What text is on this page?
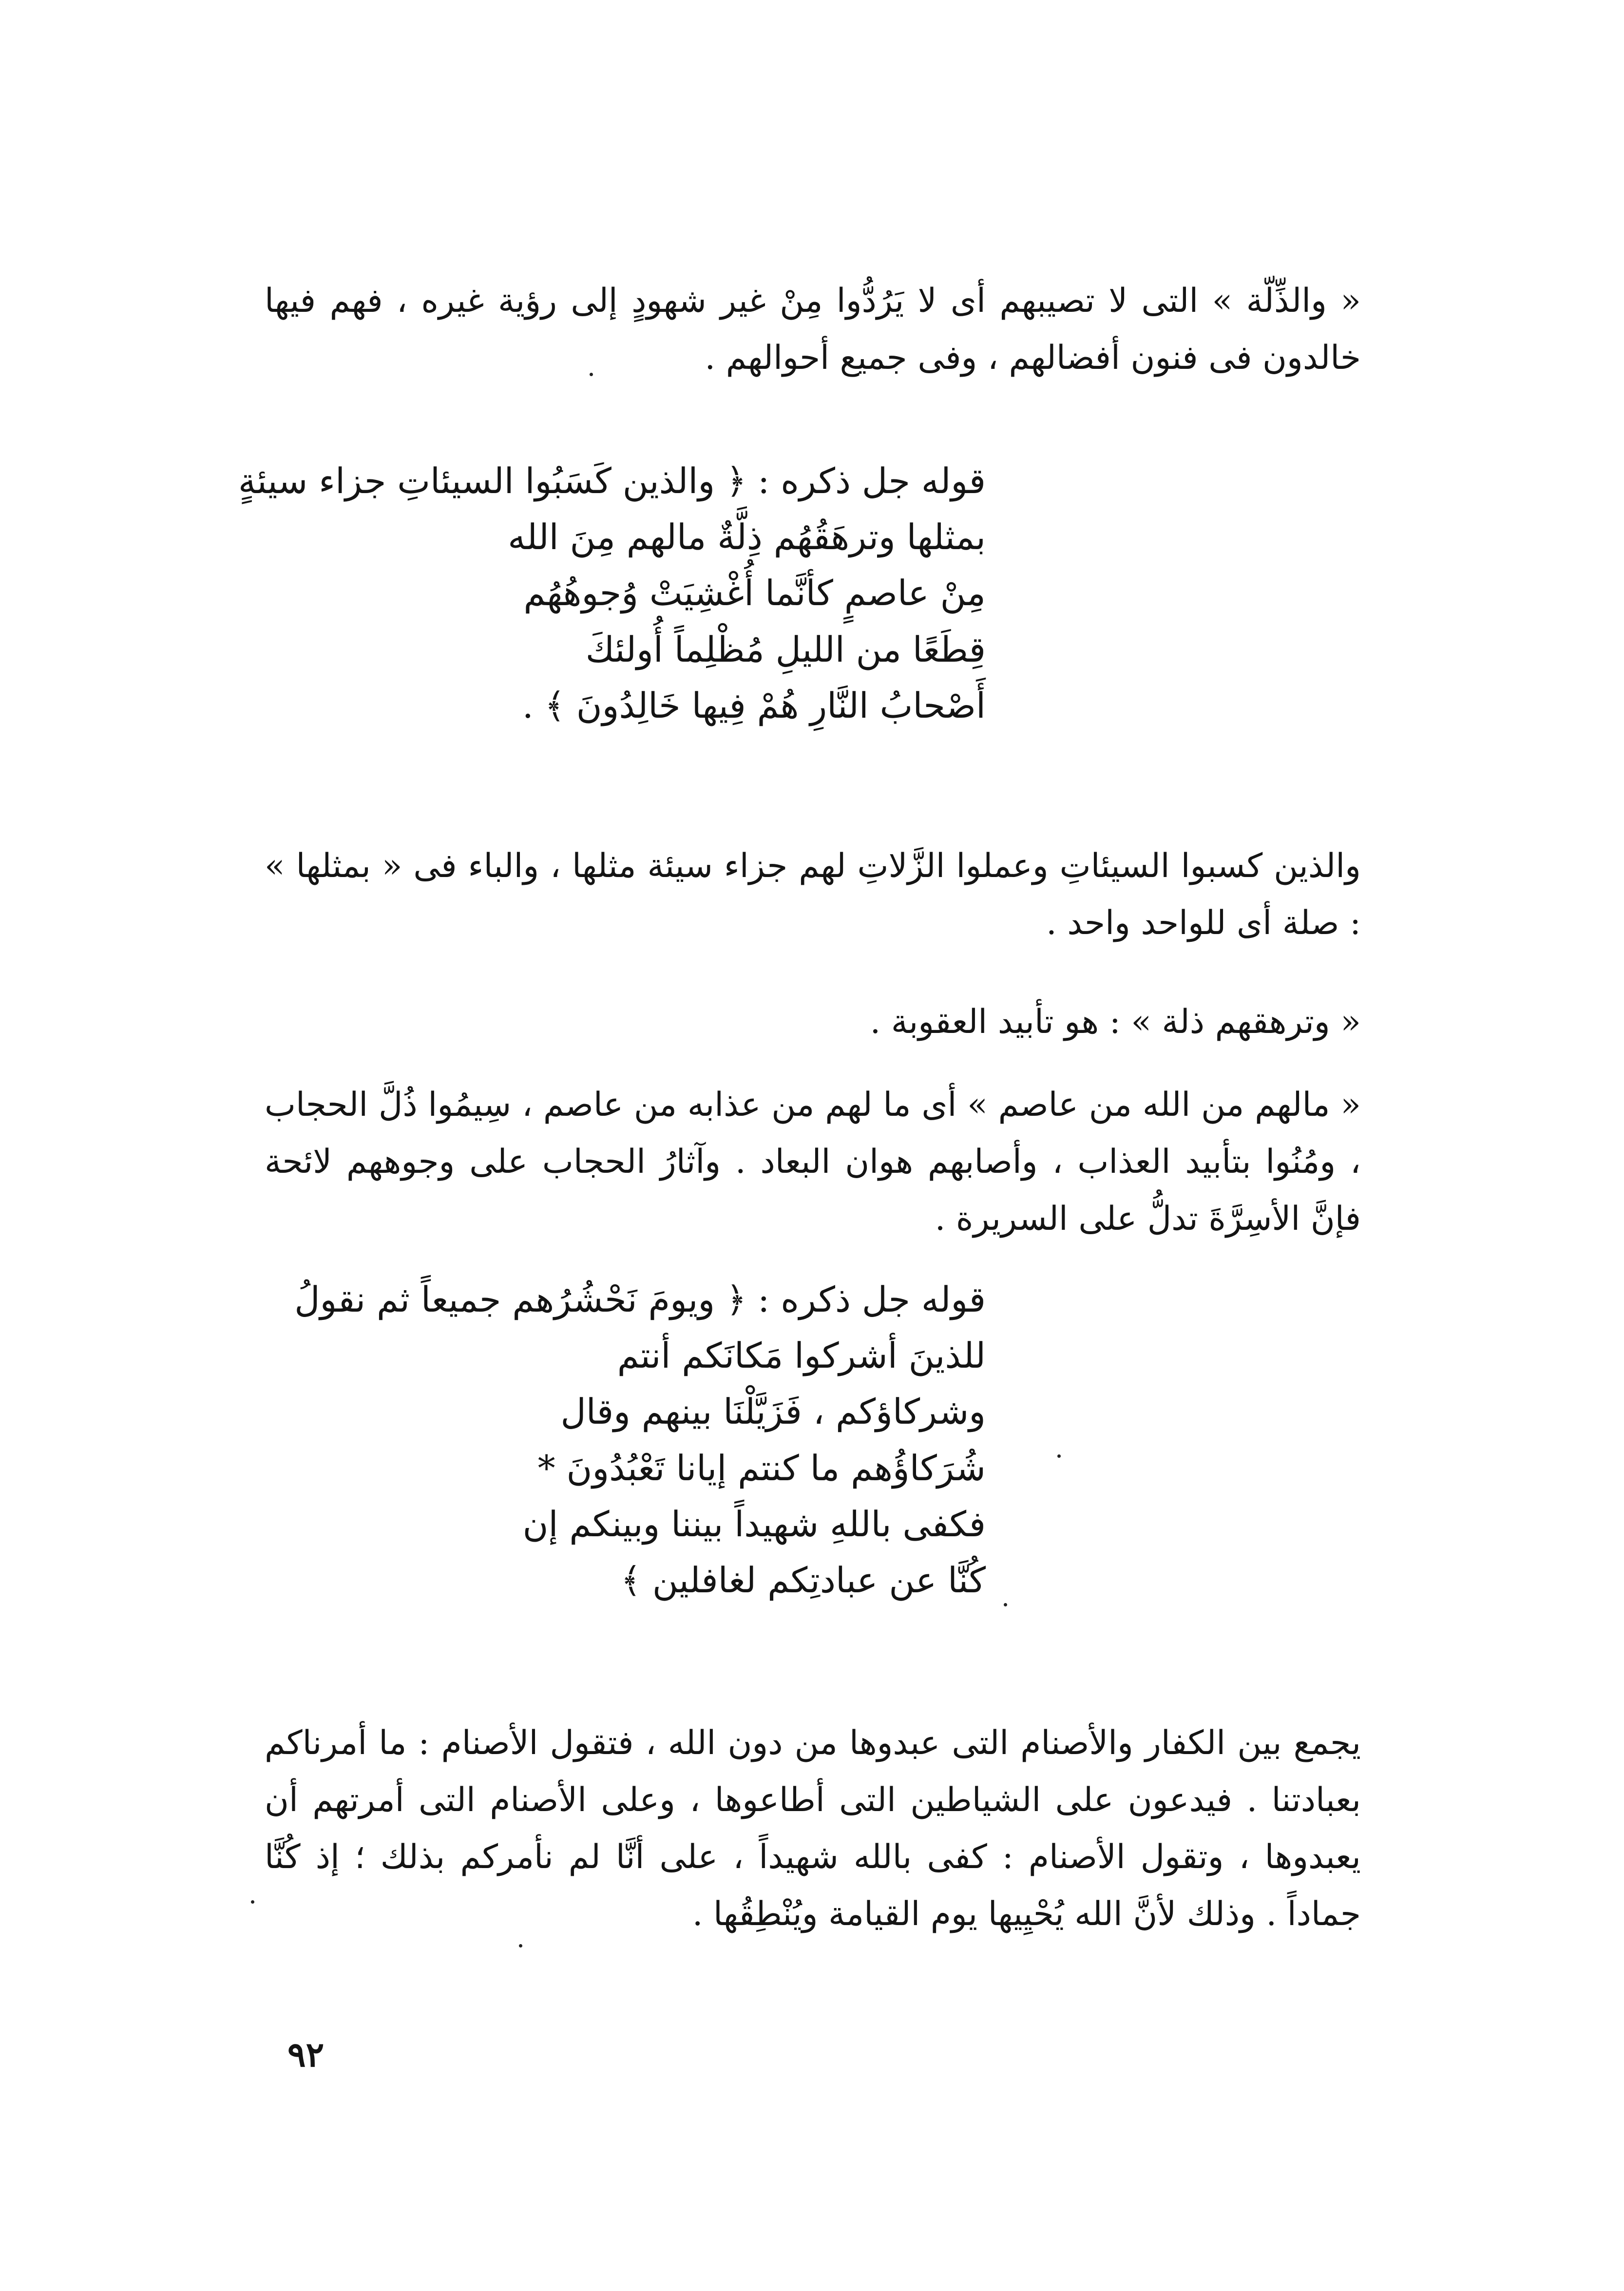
« والذِّلّة » التى لا تصيبهم أى لا يَرُدُّوا مِنْ غير شهودٍ إلى رؤية غيره ، فهم فيها خالدون فى فنون أفضالهم ، وفى جميع أحوالهم .

قوله جل ذكره : ﴿ والذين كَسَبُوا السيئاتِ جزاء سيئةٍ
بمثلها وترهَقُهُم ذِلَّةٌ مالهم مِنَ الله
مِنْ عاصمٍ كأنَّما أُغْشِيَتْ وُجوهُهُم
قِطَعًا من الليلِ مُظْلِماً أُولئكَ
أَصْحابُ النَّارِ هُمْ فِيها خَالِدُونَ ﴾ .

والذين كسبوا السيئاتِ وعملوا الزَّلاتِ لهم جزاء سيئة مثلها ، والباء فى « بمثلها » : صلة أى للواحد واحد .

« وترهقهم ذلة » : هو تأبيد العقوبة .

« مالهم من الله من عاصم » أى ما لهم من عذابه من عاصم ، سِيمُوا ذُلَّ الحجاب ، ومُنُوا بتأبيد العذاب ، وأصابهم هوان البعاد . وآثارُ الحجاب على وجوههم لائحة فإنَّ الأسِرَّةَ تدلُّ على السريرة .

قوله جل ذكره : ﴿ ويومَ نَحْشُرُهم جميعاً ثم نقولُ
للذينَ أشركوا مَكانَكم أنتم
وشركاؤكم ، فَزَيَّلْنَا بينهم وقال
شُرَكاؤُهم ما كنتم إيانا تَعْبُدُونَ *
فكفى باللهِ شهيداً بيننا وبينكم إن
كُنَّا عن عبادتِكم لغافلين ﴾

يجمع بين الكفار والأصنام التى عبدوها من دون الله ، فتقول الأصنام : ما أمرناكم بعبادتنا . فيدعون على الشياطين التى أطاعوها ، وعلى الأصنام التى أمرتهم أن يعبدوها ، وتقول الأصنام : كفى بالله شهيداً ، على أنَّا لم نأمركم بذلك ؛ إذ كُنَّا جماداً . وذلك لأنَّ الله يُحْيِيها يوم القيامة ويُنْطِقُها .

٩٢
